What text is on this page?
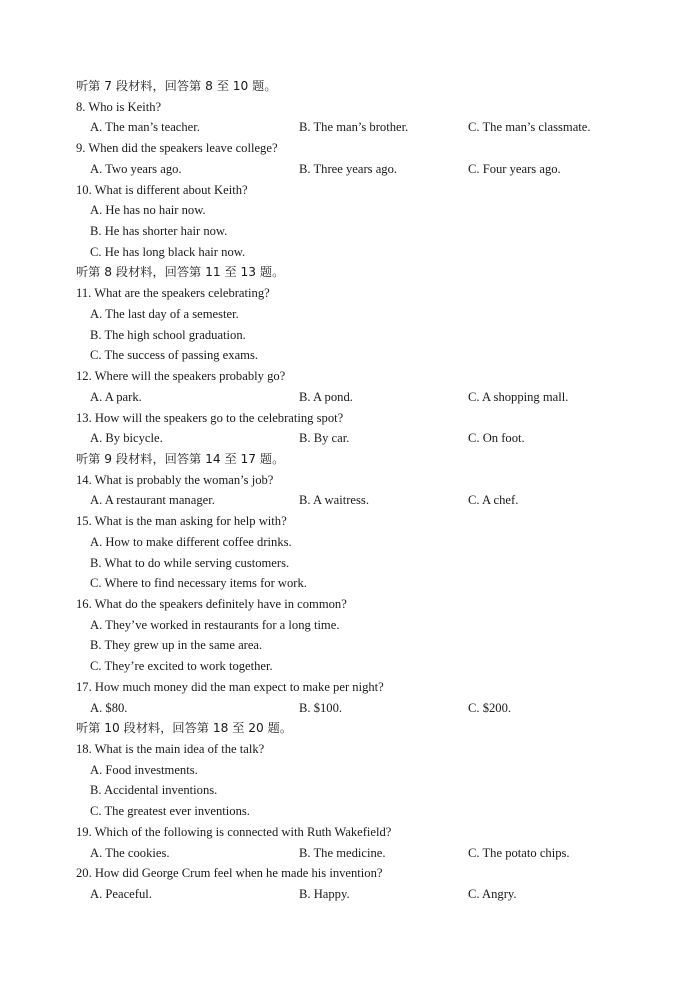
听第 7 段材料，回答第 8 至 10 题。
8. Who is Keith?
A. The man’s teacher.	B. The man’s brother.	C. The man’s classmate.
9. When did the speakers leave college?
A. Two years ago.	B. Three years ago.	C. Four years ago.
10. What is different about Keith?
A. He has no hair now.
B. He has shorter hair now.
C. He has long black hair now.
听第 8 段材料，回答第 11 至 13 题。
11. What are the speakers celebrating?
A. The last day of a semester.
B. The high school graduation.
C. The success of passing exams.
12. Where will the speakers probably go?
A. A park.	B. A pond.	C. A shopping mall.
13. How will the speakers go to the celebrating spot?
A. By bicycle.	B. By car.	C. On foot.
听第 9 段材料，回答第 14 至 17 题。
14. What is probably the woman’s job?
A. A restaurant manager.	B. A waitress.	C. A chef.
15. What is the man asking for help with?
A. How to make different coffee drinks.
B. What to do while serving customers.
C. Where to find necessary items for work.
16. What do the speakers definitely have in common?
A. They’ve worked in restaurants for a long time.
B. They grew up in the same area.
C. They’re excited to work together.
17. How much money did the man expect to make per night?
A. $80.	B. $100.	C. $200.
听第 10 段材料，回答第 18 至 20 题。
18. What is the main idea of the talk?
A. Food investments.
B. Accidental inventions.
C. The greatest ever inventions.
19. Which of the following is connected with Ruth Wakefield?
A. The cookies.	B. The medicine.	C. The potato chips.
20. How did George Crum feel when he made his invention?
A. Peaceful.	B. Happy.	C. Angry.
